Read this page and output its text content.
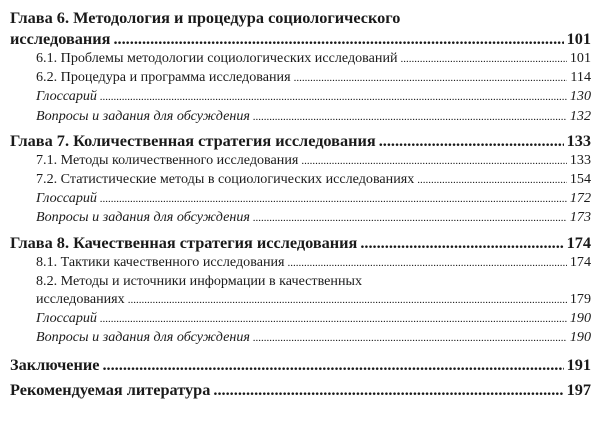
Глава 6. Методология и процедура социологического
исследования .....	101
6.1. Проблемы методологии социологических исследований .....	101
6.2. Процедура и программа исследования .....	114
Глоссарий .....	130
Вопросы и задания для обсуждения .....	132
Глава 7. Количественная стратегия исследования .....	133
7.1. Методы количественного исследования .....	133
7.2. Статистические методы в социологических исследованиях .....	154
Глоссарий .....	172
Вопросы и задания для обсуждения .....	173
Глава 8. Качественная стратегия исследования .....	174
8.1. Тактики качественного исследования .....	174
8.2. Методы и источники информации в качественных
исследованиях .....	179
Глоссарий .....	190
Вопросы и задания для обсуждения .....	190
Заключение .....	191
Рекомендуемая литература .....	197
